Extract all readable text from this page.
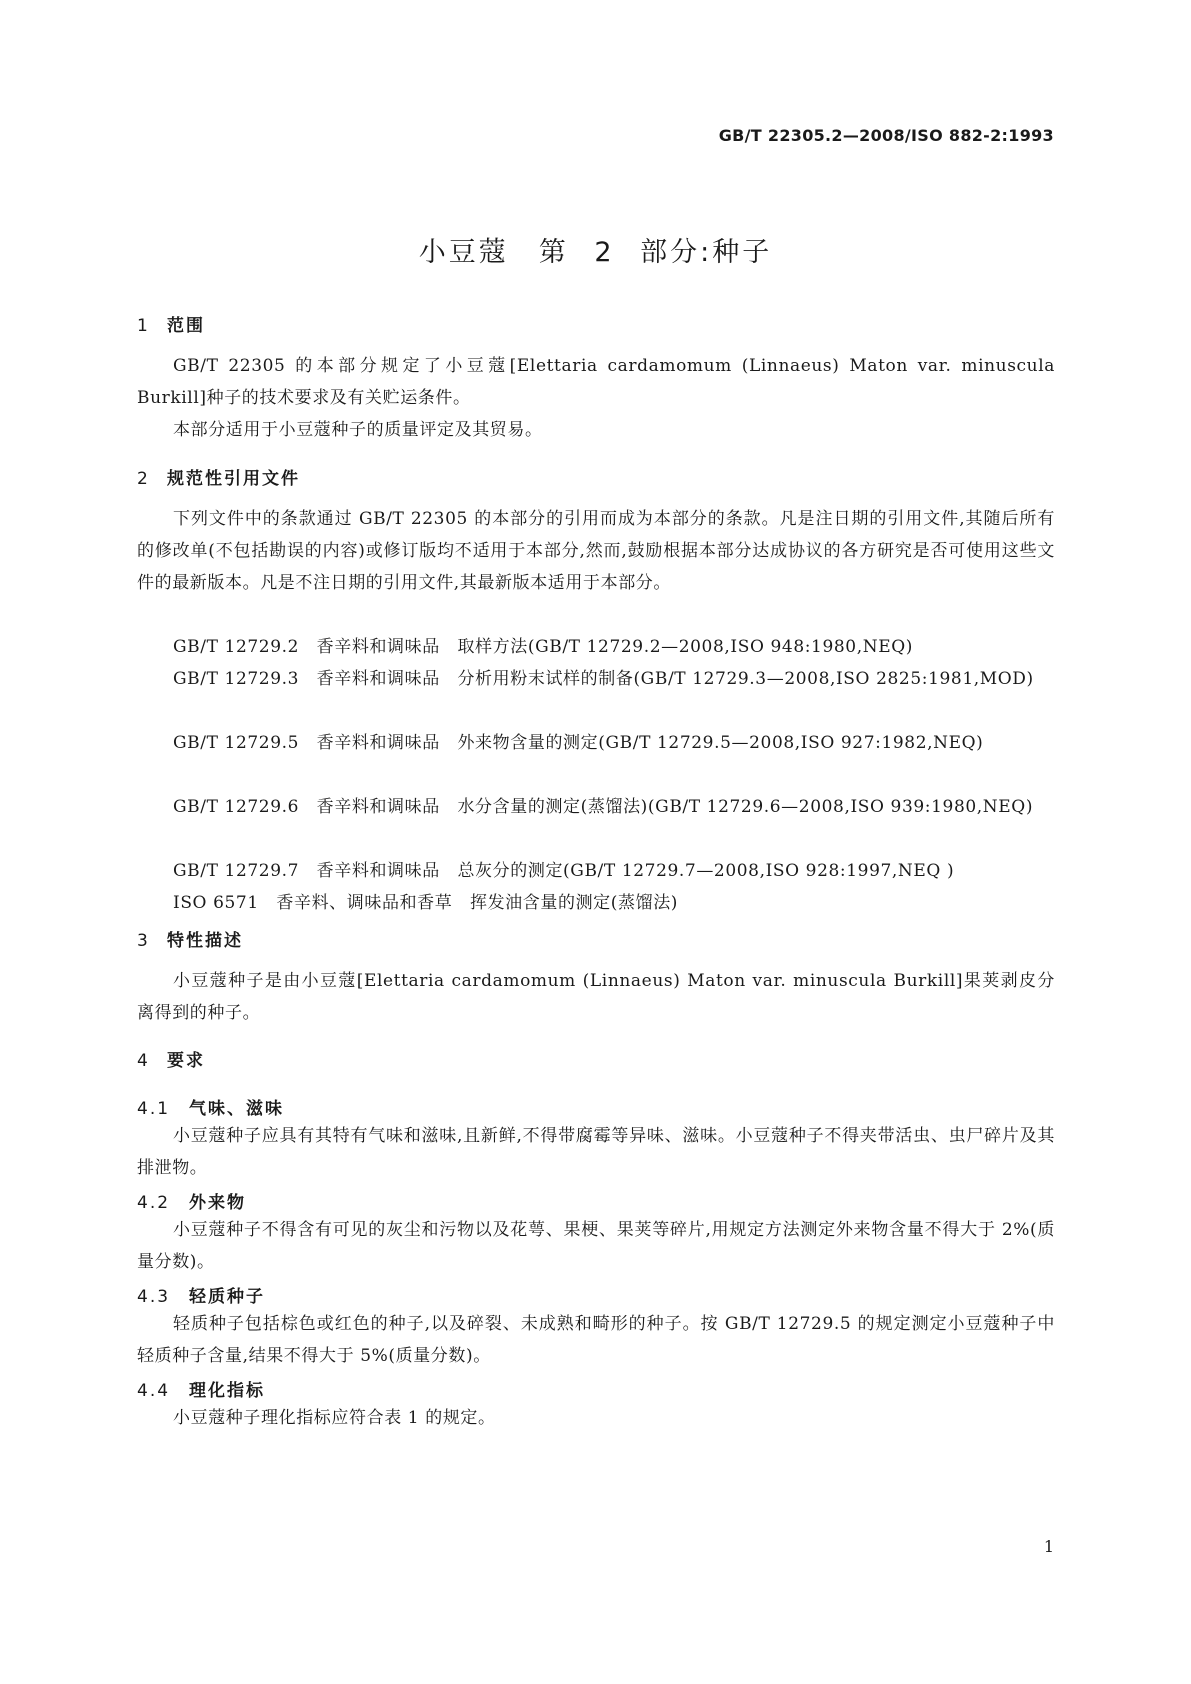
GB/T 22305.2—2008/ISO 882-2:1993
小豆蔻　第 2 部分:种子
1 范围
GB/T 22305 的本部分规定了小豆蔻[Elettaria cardamomum (Linnaeus) Maton var. minuscula Burkill]种子的技术要求及有关贮运条件。
本部分适用于小豆蔻种子的质量评定及其贸易。
2 规范性引用文件
下列文件中的条款通过 GB/T 22305 的本部分的引用而成为本部分的条款。凡是注日期的引用文件,其随后所有的修改单(不包括勘误的内容)或修订版均不适用于本部分,然而,鼓励根据本部分达成协议的各方研究是否可使用这些文件的最新版本。凡是不注日期的引用文件,其最新版本适用于本部分。
GB/T 12729.2　香辛料和调味品　取样方法(GB/T 12729.2—2008,ISO 948:1980,NEQ)
GB/T 12729.3　香辛料和调味品　分析用粉末试样的制备(GB/T 12729.3—2008,ISO 2825:1981,MOD)
GB/T 12729.5　香辛料和调味品　外来物含量的测定(GB/T 12729.5—2008,ISO 927:1982,NEQ)
GB/T 12729.6　香辛料和调味品　水分含量的测定(蒸馏法)(GB/T 12729.6—2008,ISO 939:1980,NEQ)
GB/T 12729.7　香辛料和调味品　总灰分的测定(GB/T 12729.7—2008,ISO 928:1997,NEQ )
ISO 6571　香辛料、调味品和香草　挥发油含量的测定(蒸馏法)
3 特性描述
小豆蔻种子是由小豆蔻[Elettaria cardamomum (Linnaeus) Maton var. minuscula Burkill]果荚剥皮分离得到的种子。
4 要求
4.1 气味、滋味
小豆蔻种子应具有其特有气味和滋味,且新鲜,不得带腐霉等异味、滋味。小豆蔻种子不得夹带活虫、虫尸碎片及其排泄物。
4.2 外来物
小豆蔻种子不得含有可见的灰尘和污物以及花萼、果梗、果荚等碎片,用规定方法测定外来物含量不得大于 2%(质量分数)。
4.3 轻质种子
轻质种子包括棕色或红色的种子,以及碎裂、未成熟和畸形的种子。按 GB/T 12729.5 的规定测定小豆蔻种子中轻质种子含量,结果不得大于 5%(质量分数)。
4.4 理化指标
小豆蔻种子理化指标应符合表 1 的规定。
1
